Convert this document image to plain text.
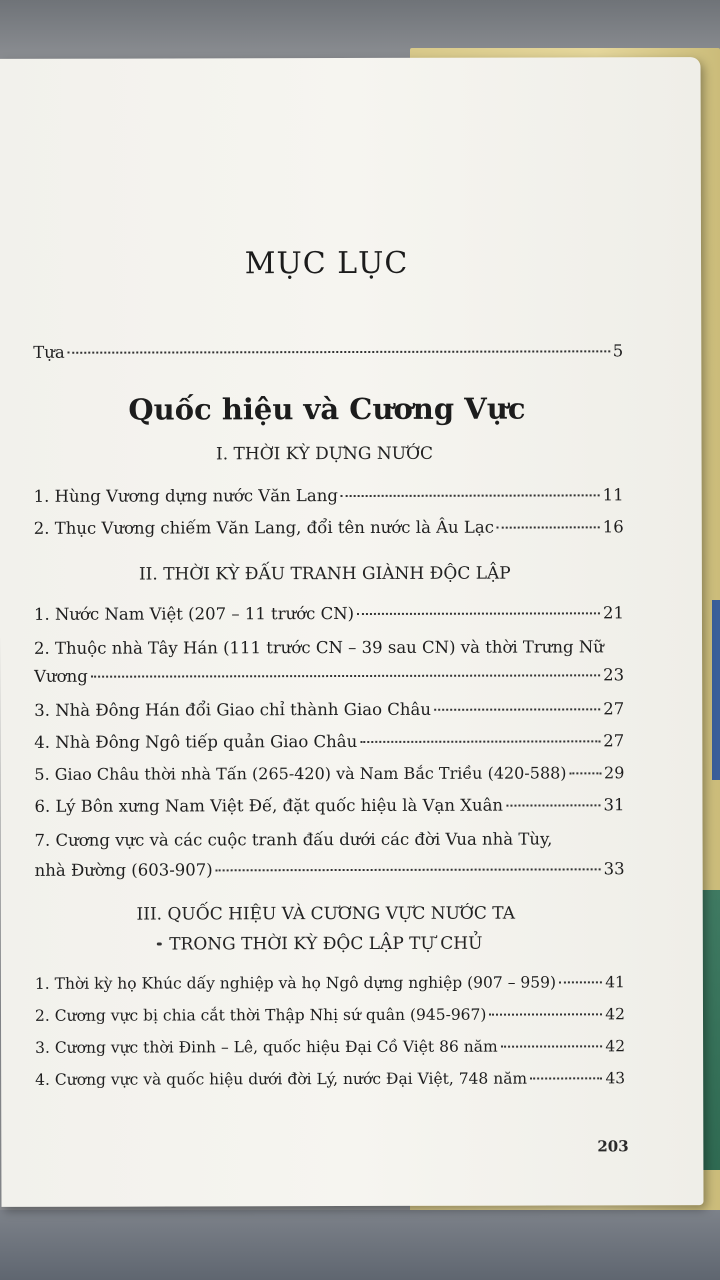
MỤC LỤC
Tựa	5
Quốc hiệu và Cương Vực
I. THỜI KỲ DỰNG NƯỚC
1. Hùng Vương dựng nước Văn Lang	11
2. Thục Vương chiếm Văn Lang, đổi tên nước là Âu Lạc	16
II. THỜI KỲ ĐẤU TRANH GIÀNH ĐỘC LẬP
1. Nước Nam Việt (207 – 11 trước CN)	21
2. Thuộc nhà Tây Hán (111 trước CN – 39 sau CN) và thời Trưng Nữ
Vương	23
3. Nhà Đông Hán đổi Giao chỉ thành Giao Châu	27
4. Nhà Đông Ngô tiếp quản Giao Châu	27
5. Giao Châu thời nhà Tấn (265-420) và Nam Bắc Triều (420-588) 29
6. Lý Bôn xưng Nam Việt Đế, đặt quốc hiệu là Vạn Xuân	31
7. Cương vực và các cuộc tranh đấu dưới các đời Vua nhà Tùy,
nhà Đường (603-907)	33
III. QUỐC HIỆU VÀ CƯƠNG VỰC NƯỚC TA
TRONG THỜI KỲ ĐỘC LẬP TỰ CHỦ
1. Thời kỳ họ Khúc dấy nghiệp và họ Ngô dựng nghiệp (907 – 959)	41
2. Cương vực bị chia cắt thời Thập Nhị sứ quân (945-967)	42
3. Cương vực thời Đinh – Lê, quốc hiệu Đại Cồ Việt 86 năm	42
4. Cương vực và quốc hiệu dưới đời Lý, nước Đại Việt, 748 năm	43
203
